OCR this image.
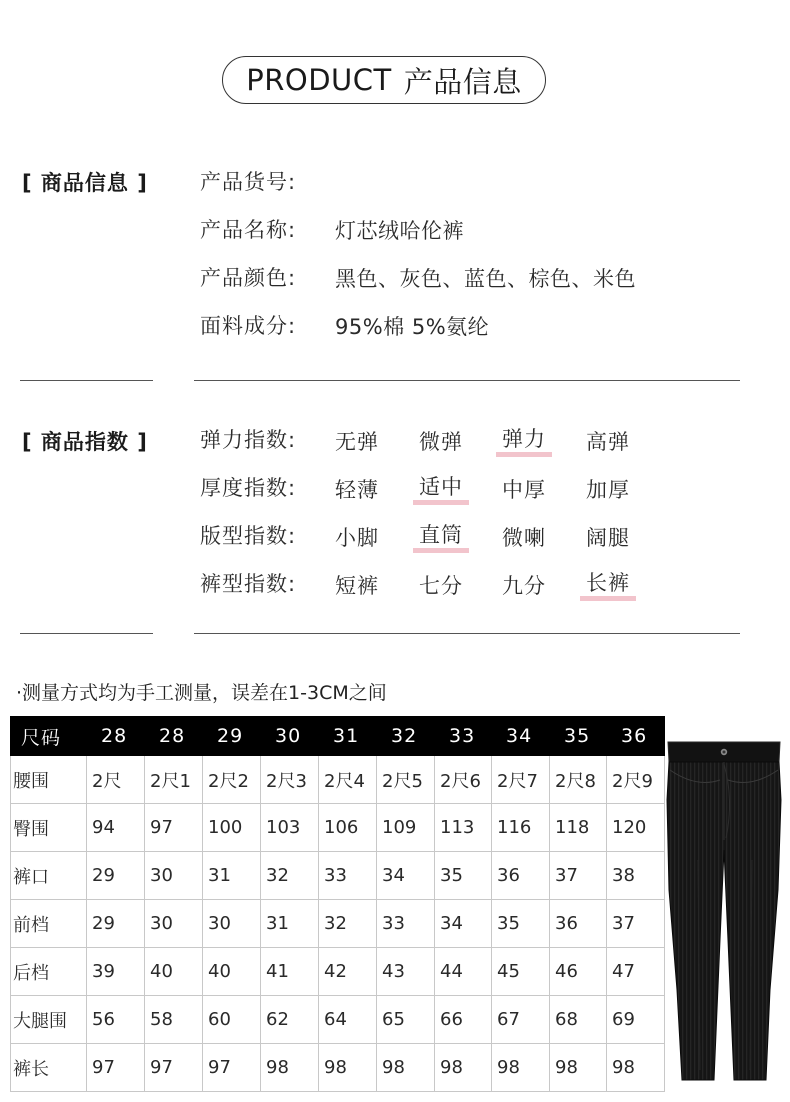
PRODUCT 产品信息
[ 商品信息 ] 产品货号:
产品名称: 灯芯绒哈伦裤
产品颜色: 黑色、灰色、蓝色、棕色、米色
面料成分: 95%棉 5%氨纶
[ 商品指数 ] 弹力指数: 无弹 微弹 弹力 高弹
厚度指数: 轻薄 适中 中厚 加厚
版型指数: 小脚 直筒 微喇 阔腿
裤型指数: 短裤 七分 九分 长裤
·测量方式均为手工测量，误差在1-3CM之间
尺码	28	28	29	30	31	32	33	34	35	36
腰围	2尺	2尺1	2尺2	2尺3	2尺4	2尺5	2尺6	2尺7	2尺8	2尺9
臀围	94	97	100	103	106	109	113	116	118	120
裤口	29	30	31	32	33	34	35	36	37	38
前档	29	30	30	31	32	33	34	35	36	37
后档	39	40	40	41	42	43	44	45	46	47
大腿围	56	58	60	62	64	65	66	67	68	69
裤长	97	97	97	98	98	98	98	98	98	98
